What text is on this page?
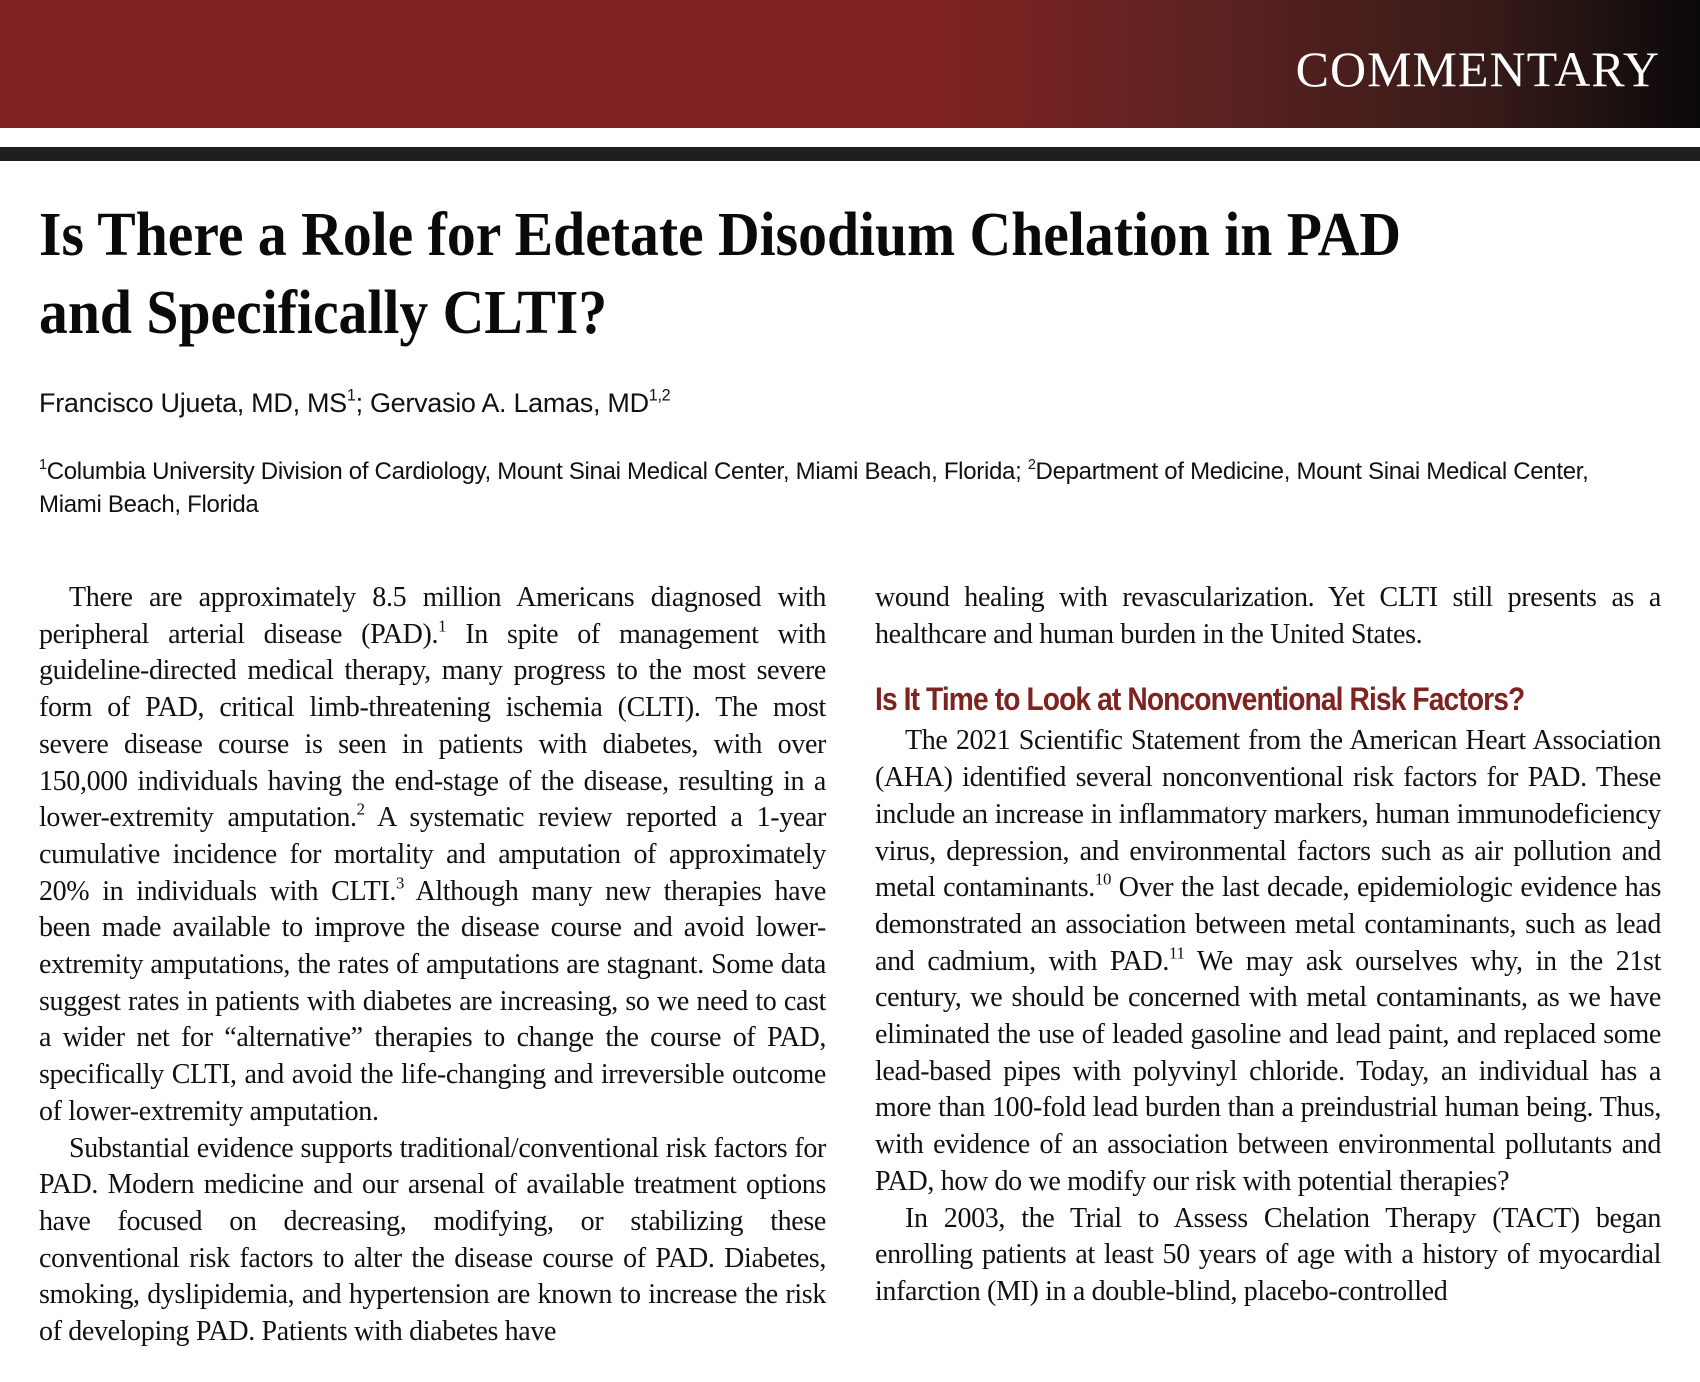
COMMENTARY
Is There a Role for Edetate Disodium Chelation in PAD and Specifically CLTI?
Francisco Ujueta, MD, $MS^1$; Gervasio A. Lamas, MD$^{1,2}$
$^1$Columbia University Division of Cardiology, Mount Sinai Medical Center, Miami Beach, Florida; $^2$Department of Medicine, Mount Sinai Medical Center, Miami Beach, Florida

There are approximately 8.5 million Americans diagnosed with peripheral arterial disease (PAD).$^1$ In spite of management with guideline-directed medical therapy, many progress to the most severe form of PAD, critical limb-threatening ischemia (CLTI). The most severe disease course is seen in patients with diabetes, with over 150,000 individuals having the end-stage of the disease, resulting in a lower-extremity amputation.$^2$ A systematic review reported a 1-year cumulative incidence for mortality and amputation of approximately 20% in individuals with CLTI.$^3$ Although many new therapies have been made available to improve the disease course and avoid lower-extremity amputations, the rates of amputations are stagnant. Some data suggest rates in patients with diabetes are increasing, so we need to cast a wider net for “alternative” therapies to change the course of PAD, specifically CLTI, and avoid the life-changing and irreversible outcome of lower-extremity amputation.

Substantial evidence supports traditional/conventional risk factors for PAD. Modern medicine and our arsenal of available treatment options have focused on decreasing, modifying, or stabilizing these conventional risk factors to alter the disease course of PAD. Diabetes, smoking, dyslipidemia, and hypertension are known to increase the risk of developing PAD. Patients with diabetes have

wound healing with revascularization. Yet CLTI still presents as a healthcare and human burden in the United States.

Is It Time to Look at Nonconventional Risk Factors?

The 2021 Scientific Statement from the American Heart Association (AHA) identified several nonconventional risk factors for PAD. These include an increase in inflammatory markers, human immunodeficiency virus, depression, and environmental factors such as air pollution and metal contaminants.$^{10}$ Over the last decade, epidemiologic evidence has demonstrated an association between metal contaminants, such as lead and cadmium, with PAD.$^{11}$ We may ask ourselves why, in the 21st century, we should be concerned with metal contaminants, as we have eliminated the use of leaded gasoline and lead paint, and replaced some lead-based pipes with polyvinyl chloride. Today, an individual has a more than 100-fold lead burden than a preindustrial human being. Thus, with evidence of an association between environmental pollutants and PAD, how do we modify our risk with potential therapies?

In 2003, the Trial to Assess Chelation Therapy (TACT) began enrolling patients at least 50 years of age with a history of myocardial infarction (MI) in a double-blind, placebo-controlled
